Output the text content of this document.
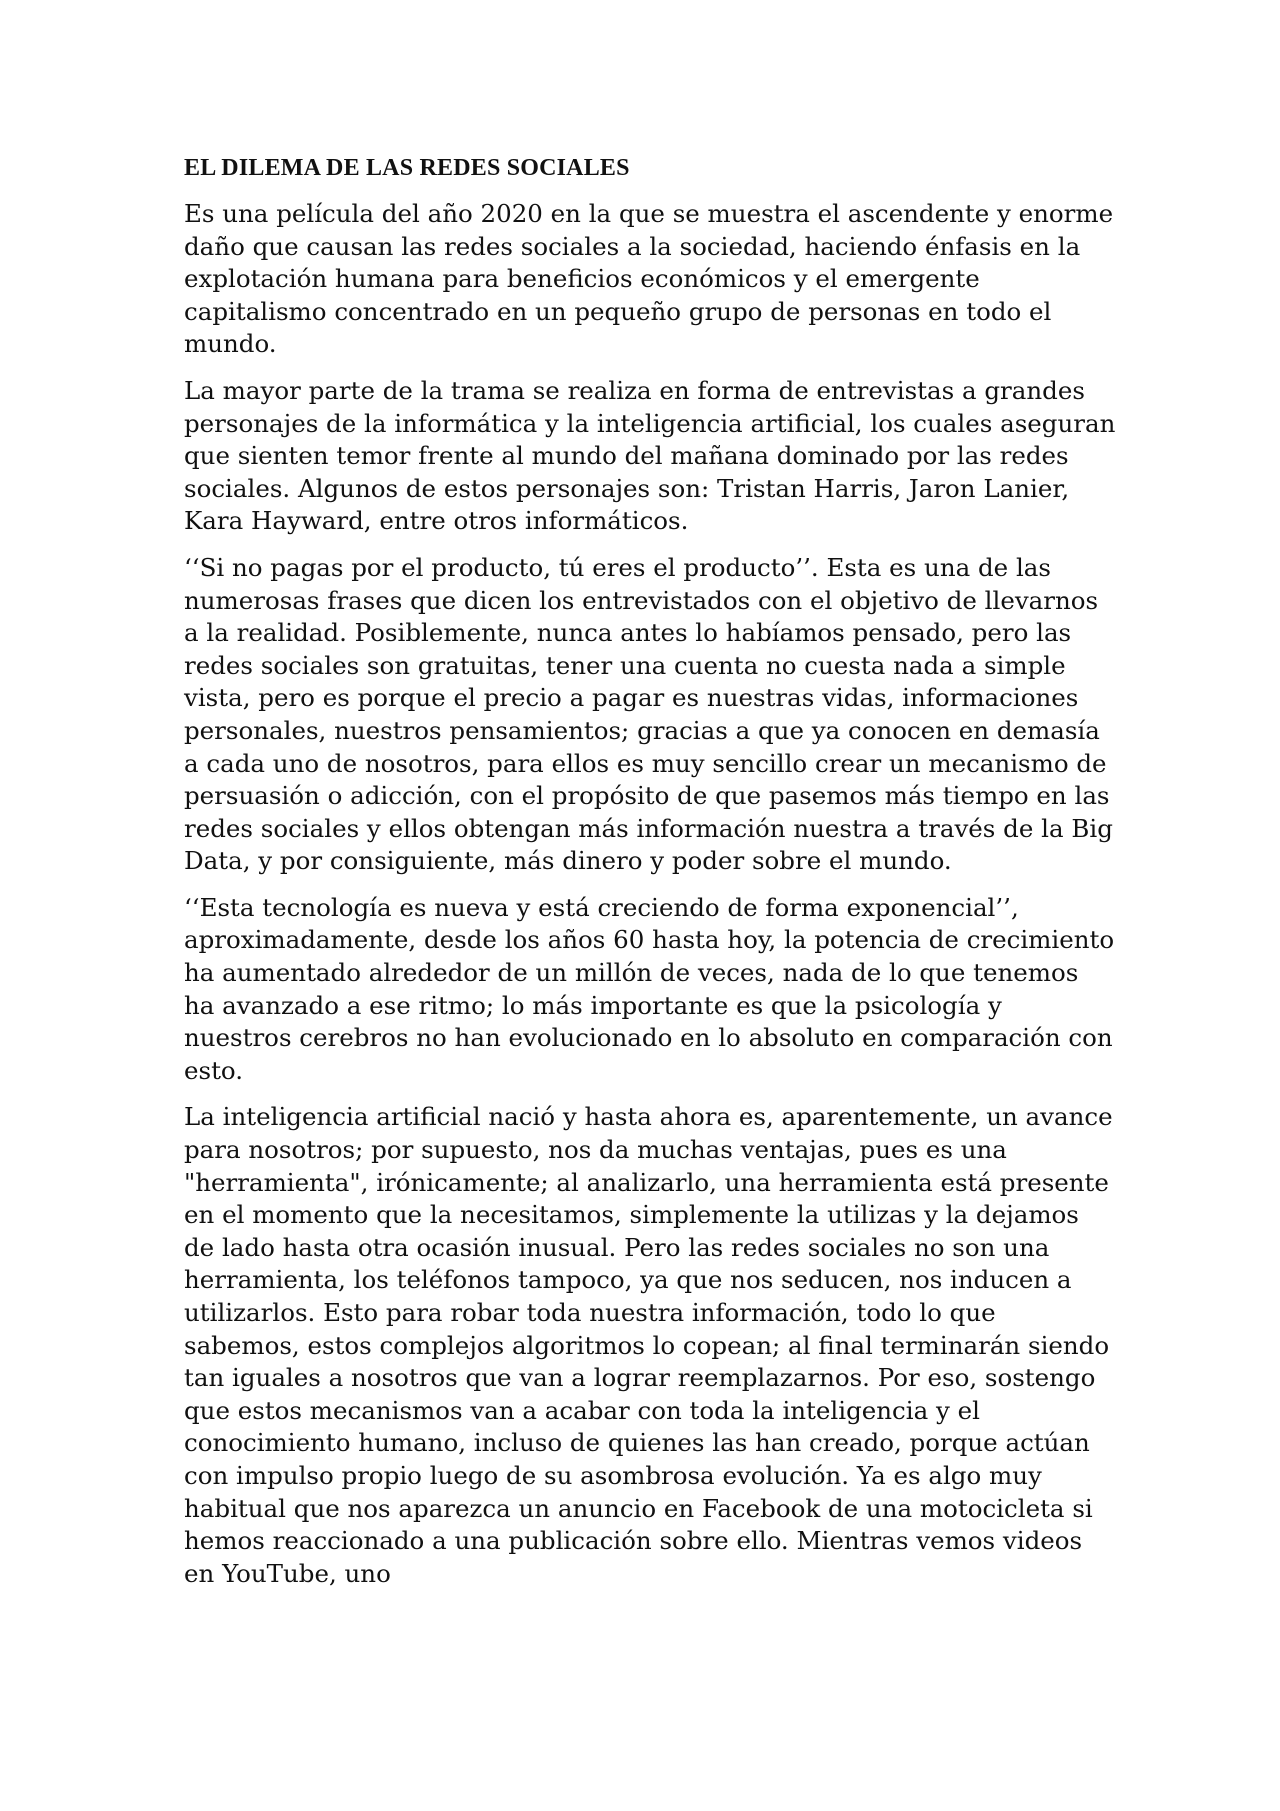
EL DILEMA DE LAS REDES SOCIALES

Es una película del año 2020 en la que se muestra el ascendente y enorme daño que causan las redes sociales a la sociedad, haciendo énfasis en la explotación humana para beneficios económicos y el emergente capitalismo concentrado en un pequeño grupo de personas en todo el mundo.

La mayor parte de la trama se realiza en forma de entrevistas a grandes personajes de la informática y la inteligencia artificial, los cuales aseguran que sienten temor frente al mundo del mañana dominado por las redes sociales. Algunos de estos personajes son: Tristan Harris, Jaron Lanier, Kara Hayward, entre otros informáticos.

‘‘Si no pagas por el producto, tú eres el producto’’. Esta es una de las numerosas frases que dicen los entrevistados con el objetivo de llevarnos a la realidad. Posiblemente, nunca antes lo habíamos pensado, pero las redes sociales son gratuitas, tener una cuenta no cuesta nada a simple vista, pero es porque el precio a pagar es nuestras vidas, informaciones personales, nuestros pensamientos; gracias a que ya conocen en demasía a cada uno de nosotros, para ellos es muy sencillo crear un mecanismo de persuasión o adicción, con el propósito de que pasemos más tiempo en las redes sociales y ellos obtengan más información nuestra a través de la Big Data, y por consiguiente, más dinero y poder sobre el mundo.

‘‘Esta tecnología es nueva y está creciendo de forma exponencial’’, aproximadamente, desde los años 60 hasta hoy, la potencia de crecimiento ha aumentado alrededor de un millón de veces, nada de lo que tenemos ha avanzado a ese ritmo; lo más importante es que la psicología y nuestros cerebros no han evolucionado en lo absoluto en comparación con esto.

La inteligencia artificial nació y hasta ahora es, aparentemente, un avance para nosotros; por supuesto, nos da muchas ventajas, pues es una "herramienta", irónicamente; al analizarlo, una herramienta está presente en el momento que la necesitamos, simplemente la utilizas y la dejamos de lado hasta otra ocasión inusual. Pero las redes sociales no son una herramienta, los teléfonos tampoco, ya que nos seducen, nos inducen a utilizarlos. Esto para robar toda nuestra información, todo lo que sabemos, estos complejos algoritmos lo copean; al final terminarán siendo tan iguales a nosotros que van a lograr reemplazarnos. Por eso, sostengo que estos mecanismos van a acabar con toda la inteligencia y el conocimiento humano, incluso de quienes las han creado, porque actúan con impulso propio luego de su asombrosa evolución. Ya es algo muy habitual que nos aparezca un anuncio en Facebook de una motocicleta si hemos reaccionado a una publicación sobre ello. Mientras vemos videos en YouTube, uno
